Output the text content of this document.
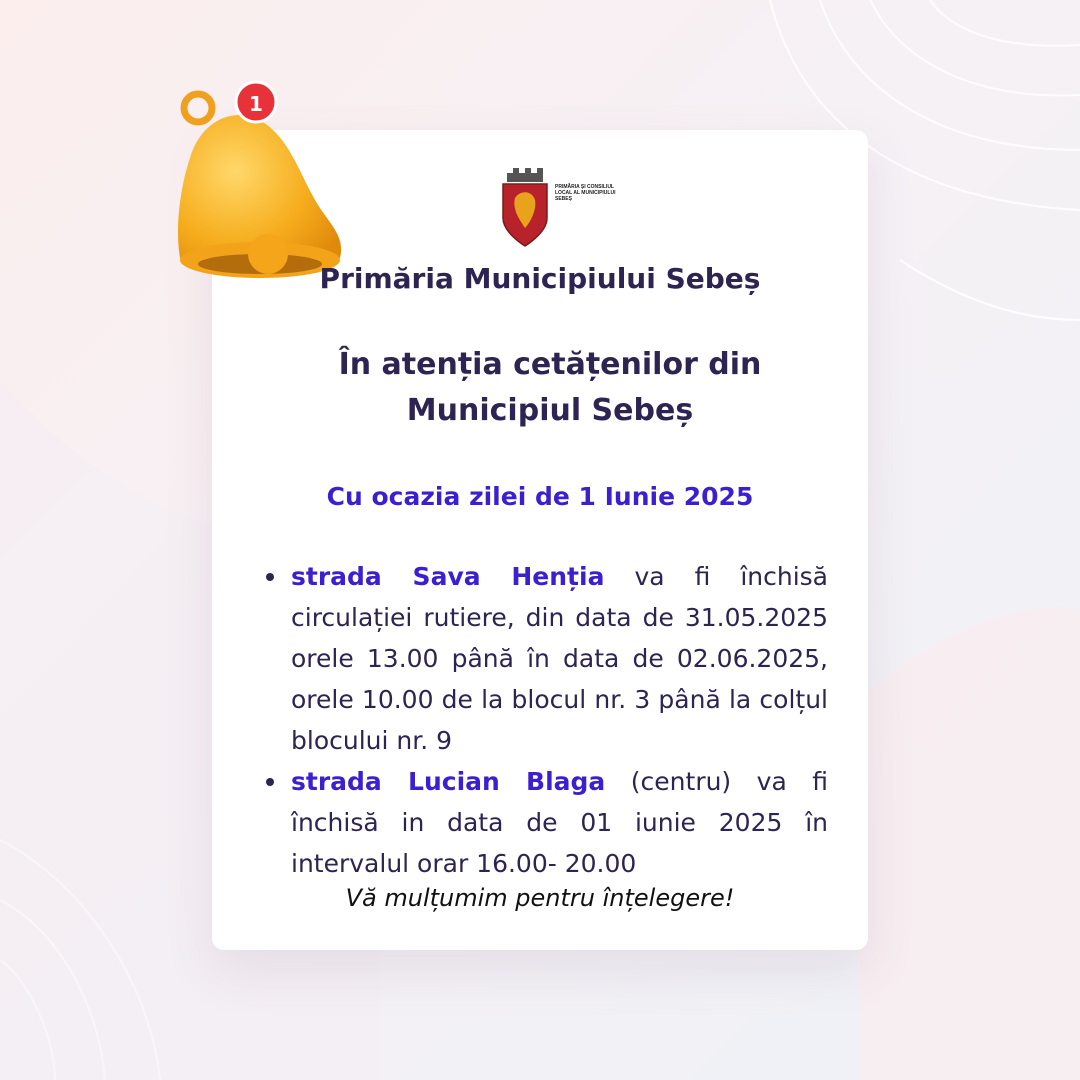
1
PRIMĂRIA ȘI CONSILIUL LOCAL AL MUNICIPIULUI SEBEȘ
Primăria Municipiului Sebeș
În atenția cetățenilor din Municipiul Sebeș
Cu ocazia zilei de 1 Iunie 2025
strada Sava Henția va fi închisă circulației rutiere, din data de 31.05.2025 orele 13.00 până în data de 02.06.2025, orele 10.00 de la blocul nr. 3 până la colțul blocului nr. 9
strada Lucian Blaga (centru) va fi închisă in data de 01 iunie 2025 în intervalul orar 16.00- 20.00
Vă mulțumim pentru înțelegere!
